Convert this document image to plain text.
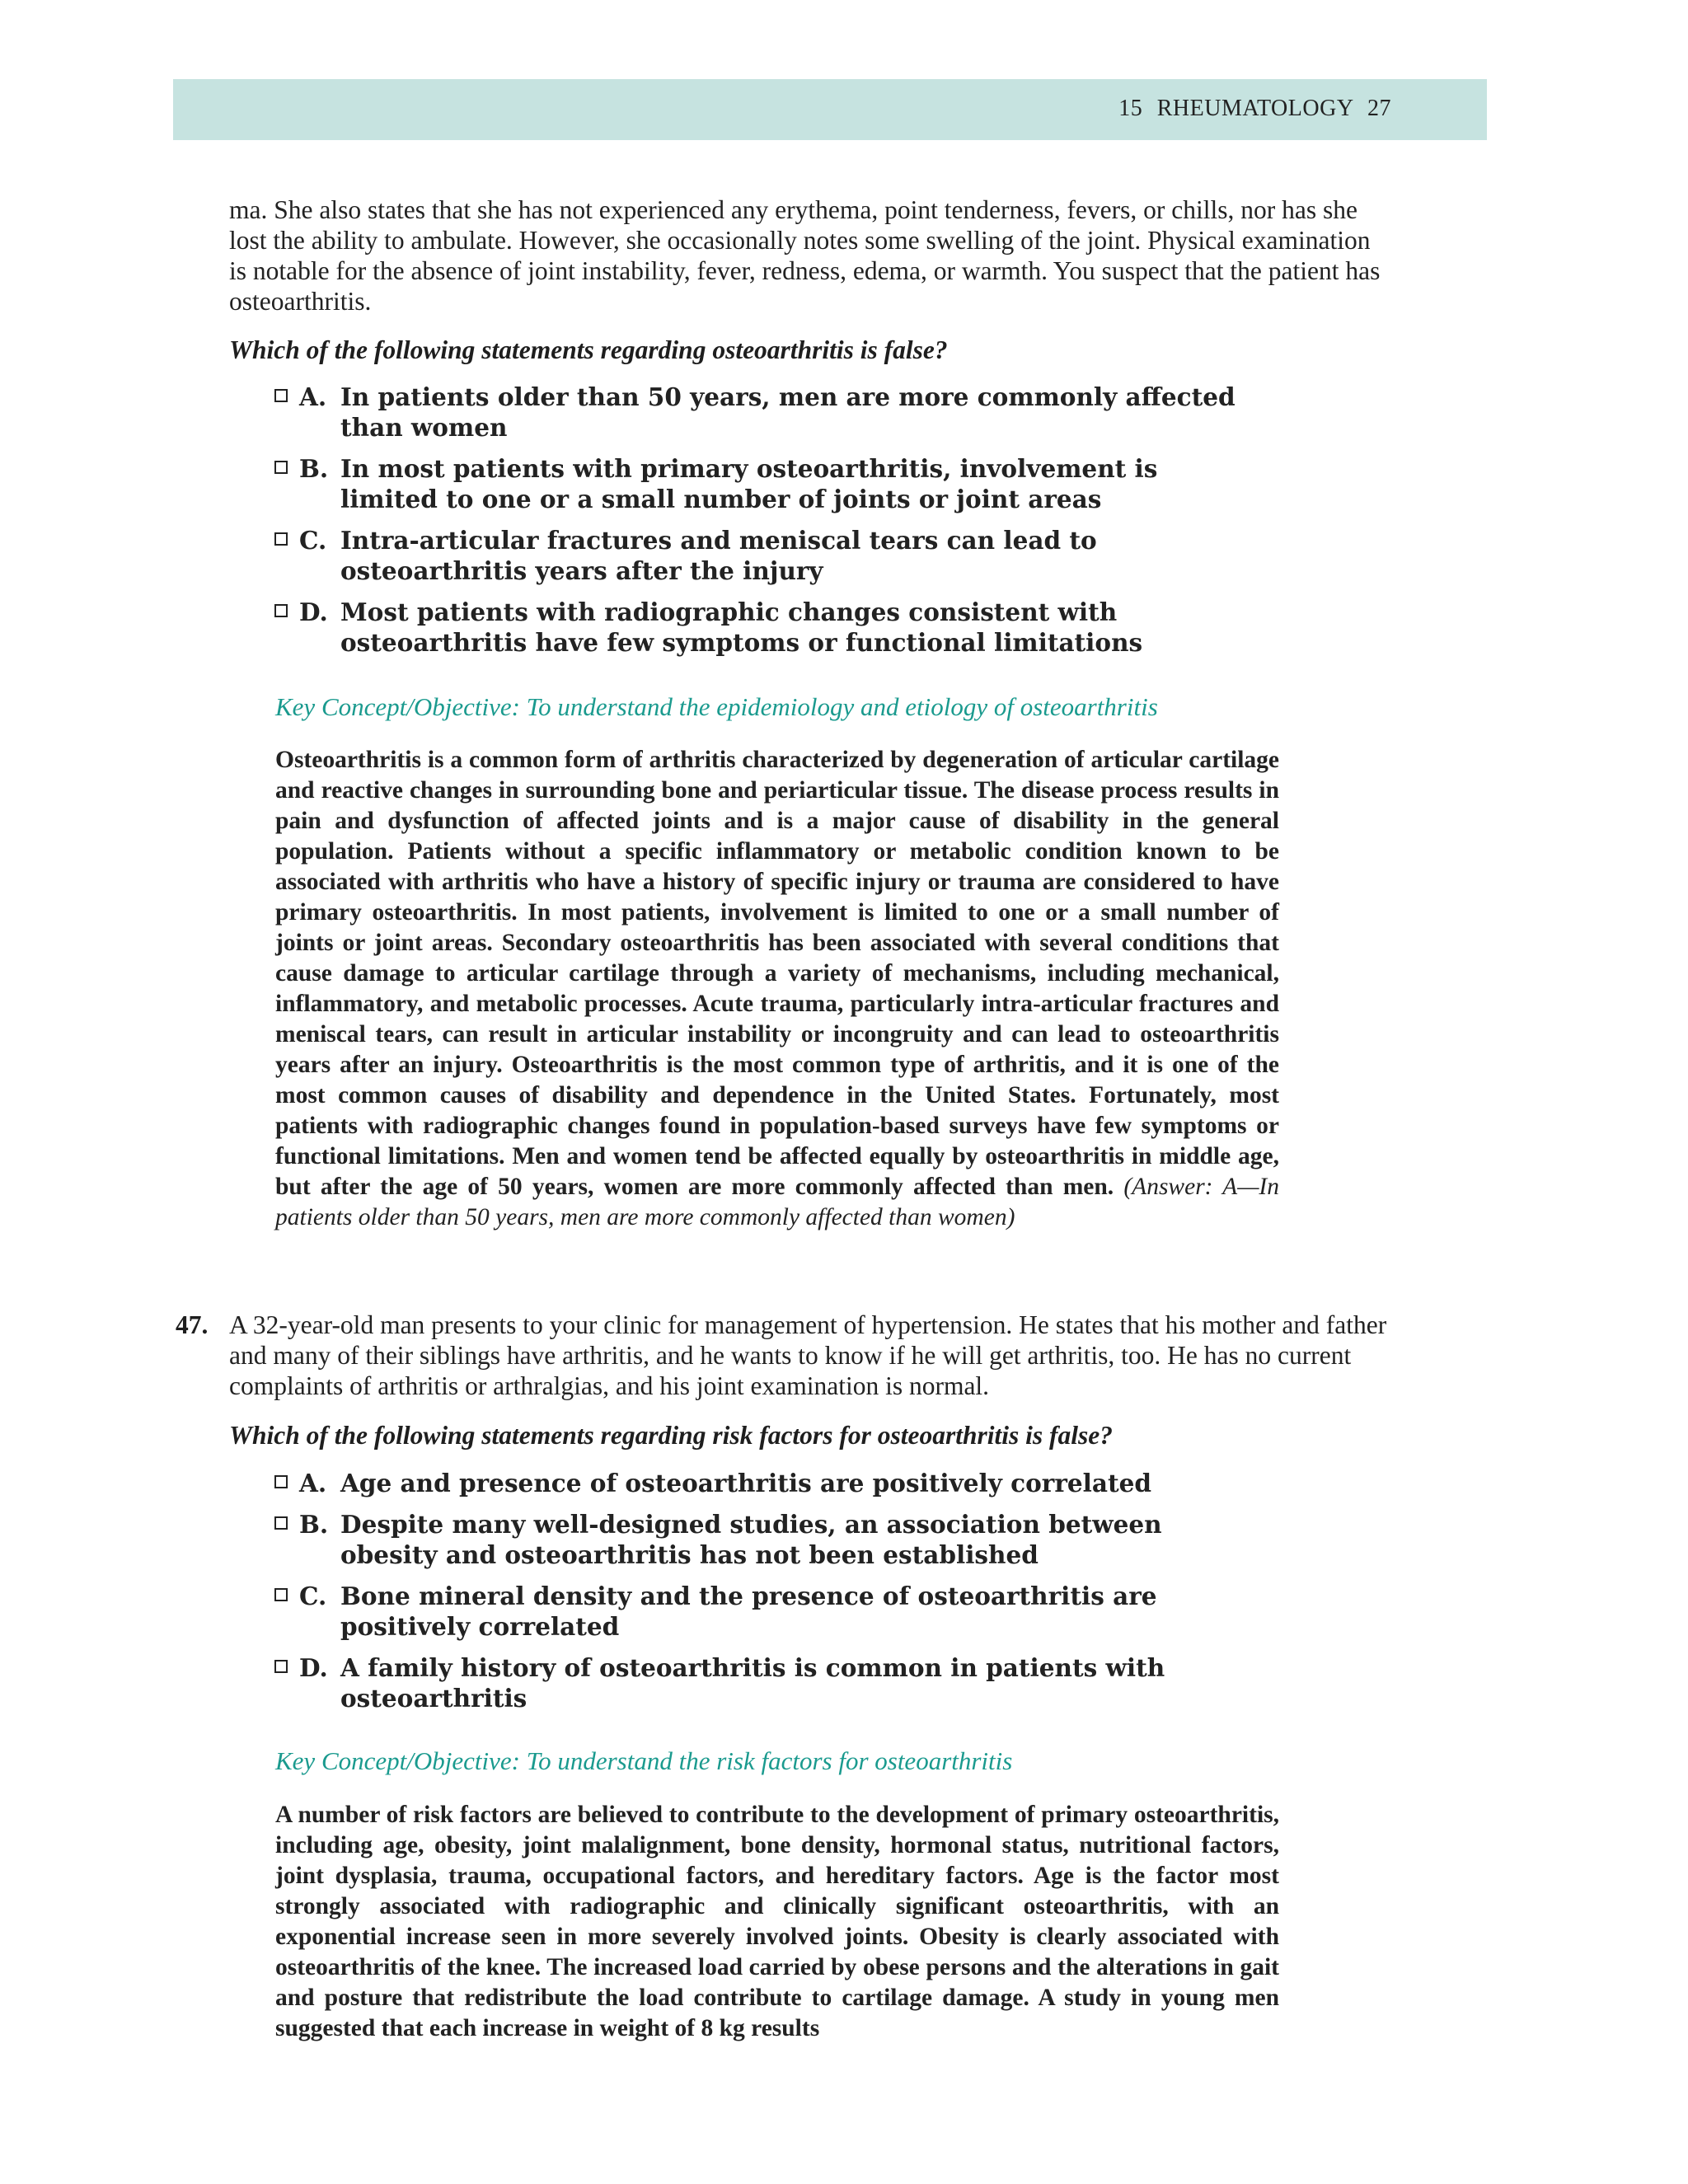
15 RHEUMATOLOGY 27
ma. She also states that she has not experienced any erythema, point tenderness, fevers, or chills, nor has she lost the ability to ambulate. However, she occasionally notes some swelling of the joint. Physical examination is notable for the absence of joint instability, fever, redness, edema, or warmth. You suspect that the patient has osteoarthritis.
Which of the following statements regarding osteoarthritis is false?
A. In patients older than 50 years, men are more commonly affected than women
B. In most patients with primary osteoarthritis, involvement is limited to one or a small number of joints or joint areas
C. Intra-articular fractures and meniscal tears can lead to osteoarthritis years after the injury
D. Most patients with radiographic changes consistent with osteoarthritis have few symptoms or functional limitations
Key Concept/Objective: To understand the epidemiology and etiology of osteoarthritis
Osteoarthritis is a common form of arthritis characterized by degeneration of articular cartilage and reactive changes in surrounding bone and periarticular tissue. The disease process results in pain and dysfunction of affected joints and is a major cause of disability in the general population. Patients without a specific inflammatory or metabolic condition known to be associated with arthritis who have a history of specific injury or trauma are considered to have primary osteoarthritis. In most patients, involvement is limited to one or a small number of joints or joint areas. Secondary osteoarthritis has been associated with several conditions that cause damage to articular cartilage through a variety of mechanisms, including mechanical, inflammatory, and metabolic processes. Acute trauma, particularly intra-articular fractures and meniscal tears, can result in articular instability or incongruity and can lead to osteoarthritis years after an injury. Osteoarthritis is the most common type of arthritis, and it is one of the most common causes of disability and dependence in the United States. Fortunately, most patients with radiographic changes found in population-based surveys have few symptoms or functional limitations. Men and women tend be affected equally by osteoarthritis in middle age, but after the age of 50 years, women are more commonly affected than men. (Answer: A—In patients older than 50 years, men are more commonly affected than women)
47. A 32-year-old man presents to your clinic for management of hypertension. He states that his mother and father and many of their siblings have arthritis, and he wants to know if he will get arthritis, too. He has no current complaints of arthritis or arthralgias, and his joint examination is normal.
Which of the following statements regarding risk factors for osteoarthritis is false?
A. Age and presence of osteoarthritis are positively correlated
B. Despite many well-designed studies, an association between obesity and osteoarthritis has not been established
C. Bone mineral density and the presence of osteoarthritis are positively correlated
D. A family history of osteoarthritis is common in patients with osteoarthritis
Key Concept/Objective: To understand the risk factors for osteoarthritis
A number of risk factors are believed to contribute to the development of primary osteoarthritis, including age, obesity, joint malalignment, bone density, hormonal status, nutritional factors, joint dysplasia, trauma, occupational factors, and hereditary factors. Age is the factor most strongly associated with radiographic and clinically significant osteoarthritis, with an exponential increase seen in more severely involved joints. Obesity is clearly associated with osteoarthritis of the knee. The increased load carried by obese persons and the alterations in gait and posture that redistribute the load contribute to cartilage damage. A study in young men suggested that each increase in weight of 8 kg results
